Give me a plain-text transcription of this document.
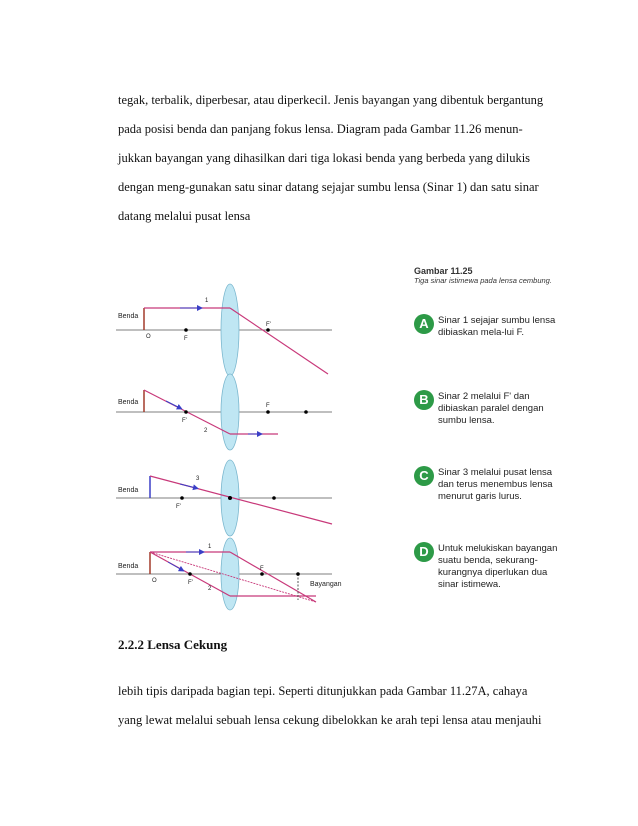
tegak, terbalik, diperbesar, atau diperkecil. Jenis bayangan yang dibentuk bergantung
pada posisi benda dan panjang fokus lensa. Diagram pada Gambar 11.26 menun-
jukkan bayangan yang dihasilkan dari tiga lokasi benda yang berbeda yang dilukis
dengan meng-gunakan satu sinar datang sejajar sumbu lensa (Sinar 1) dan satu sinar
datang melalui pusat lensa
Benda
O	F
F'
1
Benda
F'
F
2
Benda
3
F'
Benda
O	F'
1
2
F
Bayangan
Gambar 11.25
Tiga sinar istimewa pada lensa cembung.
A Sinar 1 sejajar sumbu lensa dibiaskan mela-lui F.
B Sinar 2 melalui F' dan dibiaskan paralel dengan sumbu lensa.
C Sinar 3 melalui pusat lensa dan terus menembus lensa menurut garis lurus.
D Untuk melukiskan bayangan suatu benda, sekurang-kurangnya diperlukan dua sinar istimewa.
2.2.2 Lensa Cekung
lebih tipis daripada bagian tepi. Seperti ditunjukkan pada Gambar 11.27A, cahaya
yang lewat melalui sebuah lensa cekung dibelokkan ke arah tepi lensa atau menjauhi
